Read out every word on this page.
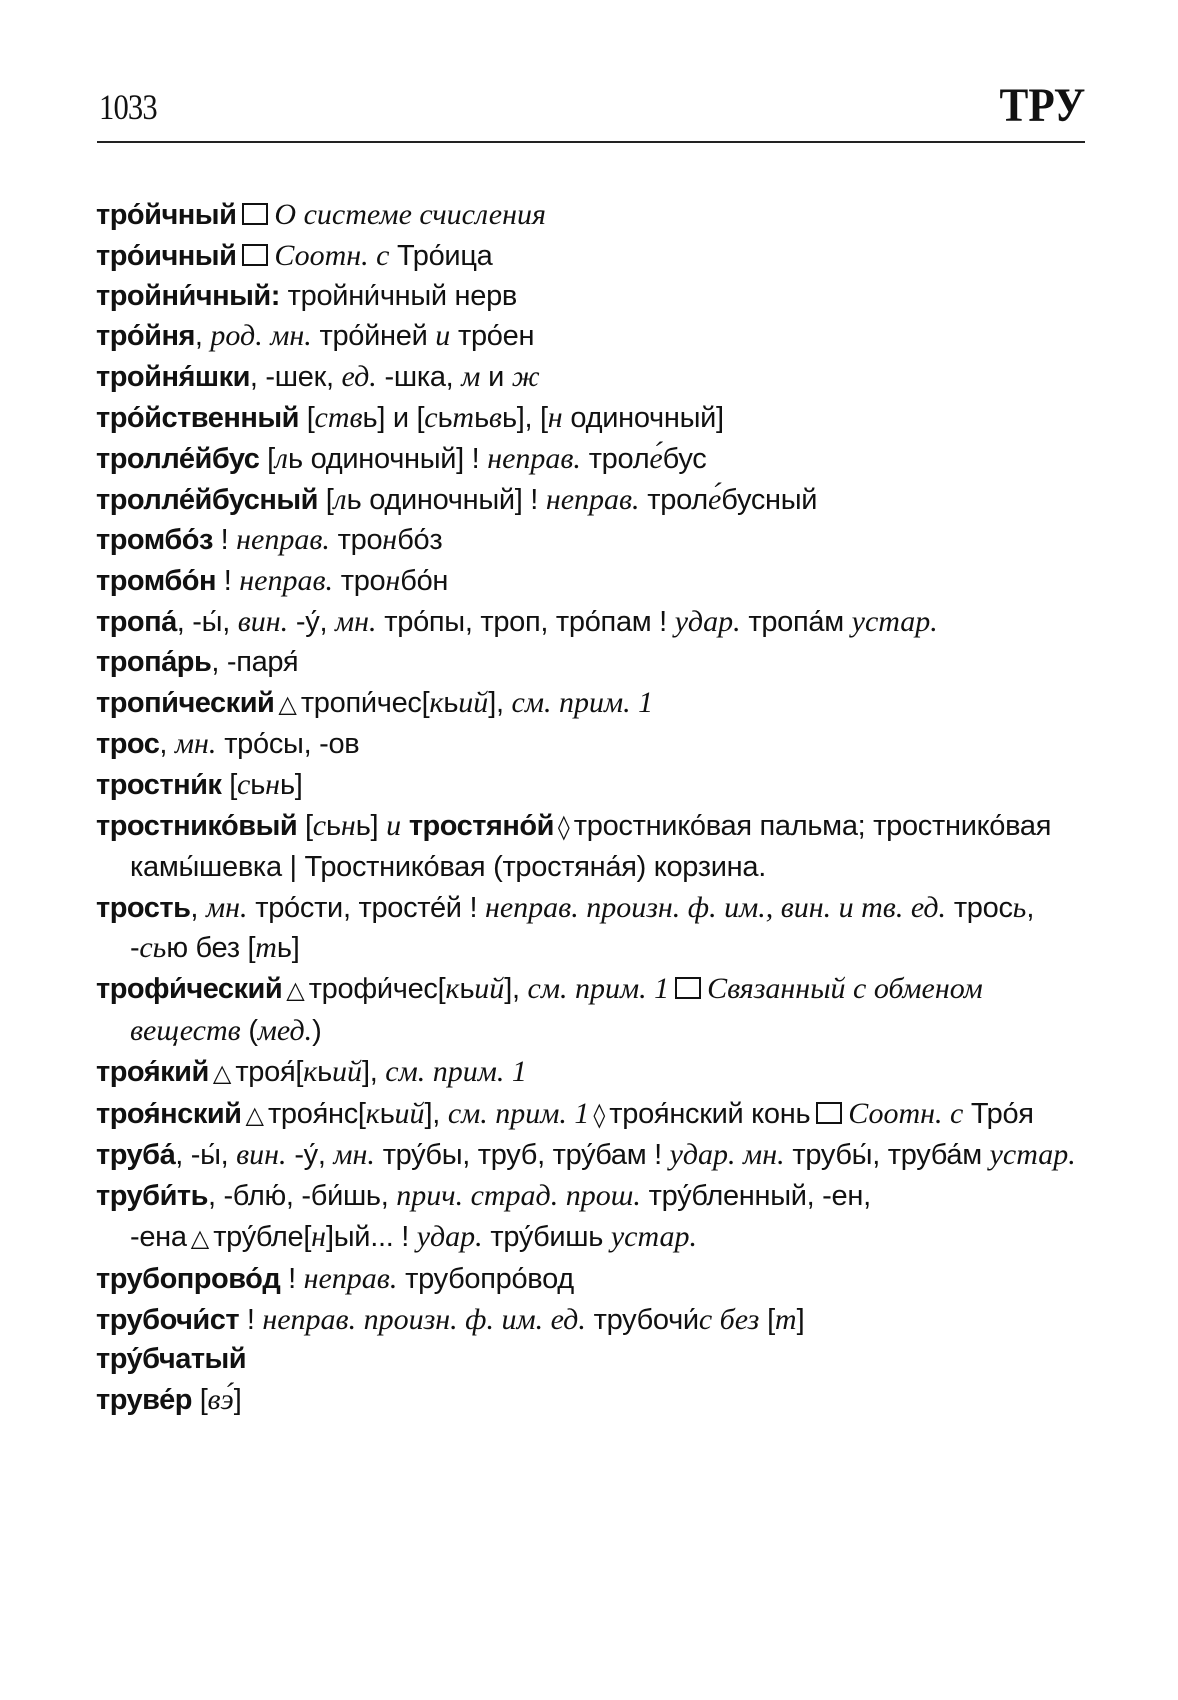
1033	ТРУ
тро́йчный О системе счисления
тро́ичный Соотн. с Тро́ица
тройни́чный: тройни́чный нерв
тро́йня, род. мн. тро́йней и тро́ен
тройня́шки, -шек, ед. -шка, м и ж
тро́йственный [ствь] и [сьтьвь], [н одиночный]
тролле́йбус [ль одиночный] ! неправ. троле́бус
тролле́йбусный [ль одиночный] ! неправ. троле́бусный
тромбо́з ! неправ. тронбо́з
тромбо́н ! неправ. тронбо́н
тропа́, -ы́, вин. -у́, мн. тро́пы, троп, тро́пам ! удар. тропа́м устар.
тропа́рь, -паря́
тропи́ческий △ тропи́чес[кьий], см. прим. 1
трос, мн. тро́сы, -ов
тростни́к [сьнь]
тростнико́вый [сьнь] и тростяно́й ◊ тростнико́вая пальма; тростнико́вая камы́шевка | Тростнико́вая (тростяна́я) корзина.
трость, мн. тро́сти, тросте́й ! неправ. произн. ф. им., вин. и тв. ед. трось, -сью без [ть]
трофи́ческий △ трофи́чес[кьий], см. прим. 1 Связанный с обменом веществ (мед.)
троя́кий △ троя́[кьий], см. прим. 1
троя́нский △ троя́нс[кьий], см. прим. 1 ◊ троя́нский конь Соотн. с Тро́я
труба́, -ы́, вин. -у́, мн. тру́бы, труб, тру́бам ! удар. мн. трубы́, труба́м устар.
труби́ть, -блю́, -би́шь, прич. страд. прош. тру́бленный, -ен, -ена △ тру́бле[н]ый... ! удар. тру́бишь устар.
трубопрово́д ! неправ. трубопро́вод
трубочи́ст ! неправ. произн. ф. им. ед. трубочи́с без [т]
тру́бчатый
труве́р [вэ́]
